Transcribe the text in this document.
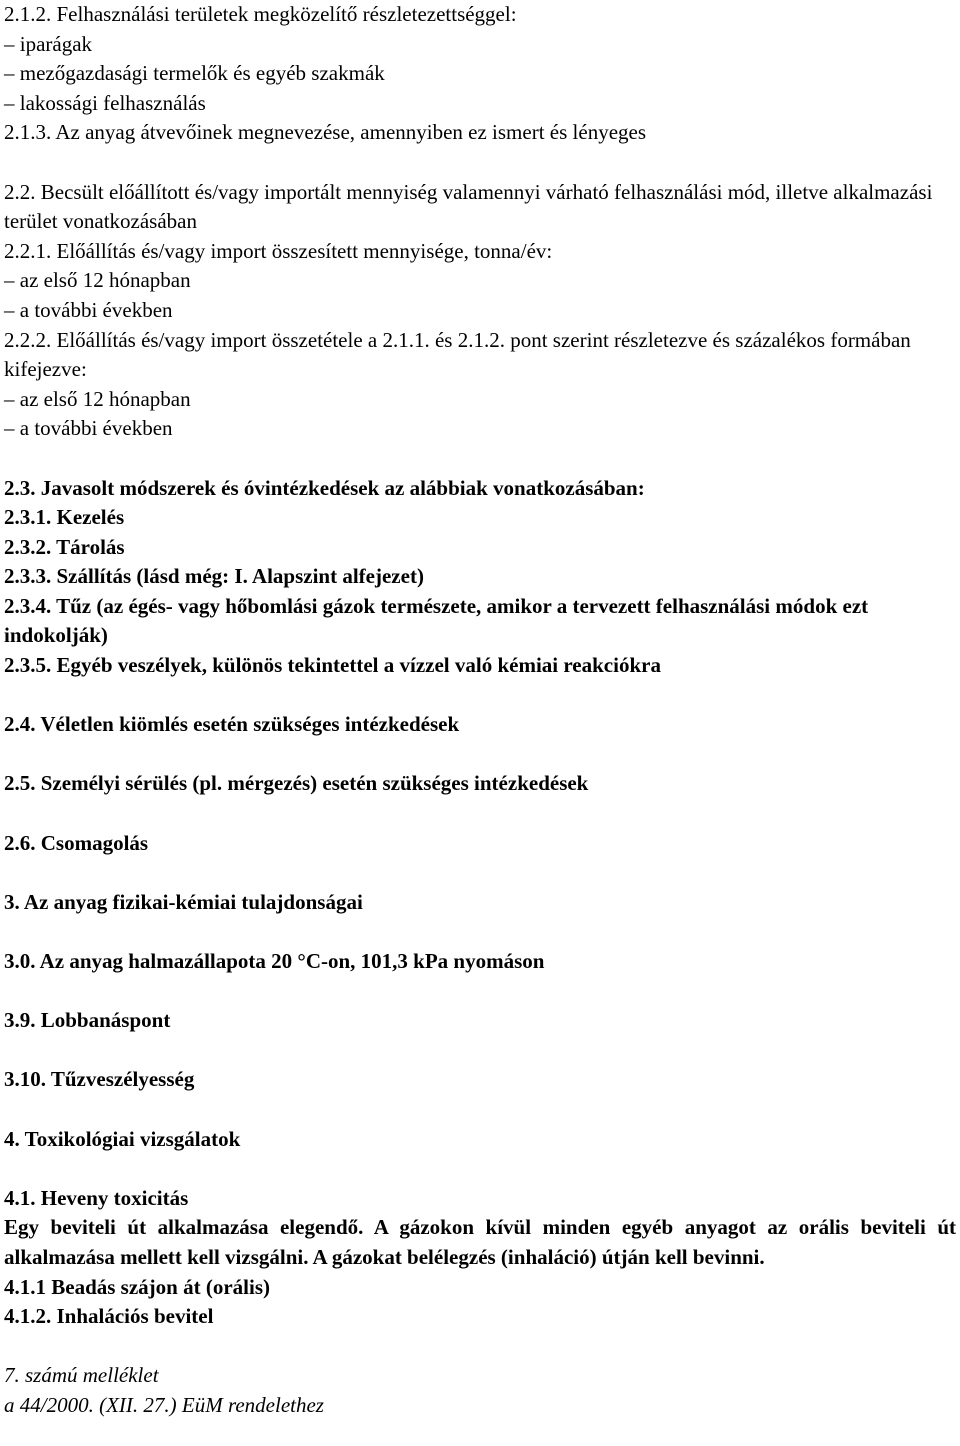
2.1.2. Felhasználási területek megközelítő részletezettséggel:
– iparágak
– mezőgazdasági termelők és egyéb szakmák
– lakossági felhasználás
2.1.3. Az anyag átvevőinek megnevezése, amennyiben ez ismert és lényeges
2.2. Becsült előállított és/vagy importált mennyiség valamennyi várható felhasználási mód, illetve alkalmazási terület vonatkozásában
2.2.1. Előállítás és/vagy import összesített mennyisége, tonna/év:
– az első 12 hónapban
– a további években
2.2.2. Előállítás és/vagy import összetétele a 2.1.1. és 2.1.2. pont szerint részletezve és százalékos formában kifejezve:
– az első 12 hónapban
– a további években
2.3. Javasolt módszerek és óvintézkedések az alábbiak vonatkozásában:
2.3.1. Kezelés
2.3.2. Tárolás
2.3.3. Szállítás (lásd még: I. Alapszint alfejezet)
2.3.4. Tűz (az égés- vagy hőbomlási gázok természete, amikor a tervezett felhasználási módok ezt indokolják)
2.3.5. Egyéb veszélyek, különös tekintettel a vízzel való kémiai reakciókra
2.4. Véletlen kiömlés esetén szükséges intézkedések
2.5. Személyi sérülés (pl. mérgezés) esetén szükséges intézkedések
2.6. Csomagolás
3. Az anyag fizikai-kémiai tulajdonságai
3.0. Az anyag halmazállapota 20 °C-on, 101,3 kPa nyomáson
3.9. Lobbanáspont
3.10. Tűzveszélyesség
4. Toxikológiai vizsgálatok
4.1. Heveny toxicitás
Egy beviteli út alkalmazása elegendő. A gázokon kívül minden egyéb anyagot az orális beviteli út alkalmazása mellett kell vizsgálni. A gázokat belélegzés (inhaláció) útján kell bevinni.
4.1.1 Beadás szájon át (orális)
4.1.2. Inhalációs bevitel
7. számú melléklet
a 44/2000. (XII. 27.) EüM rendelethez
